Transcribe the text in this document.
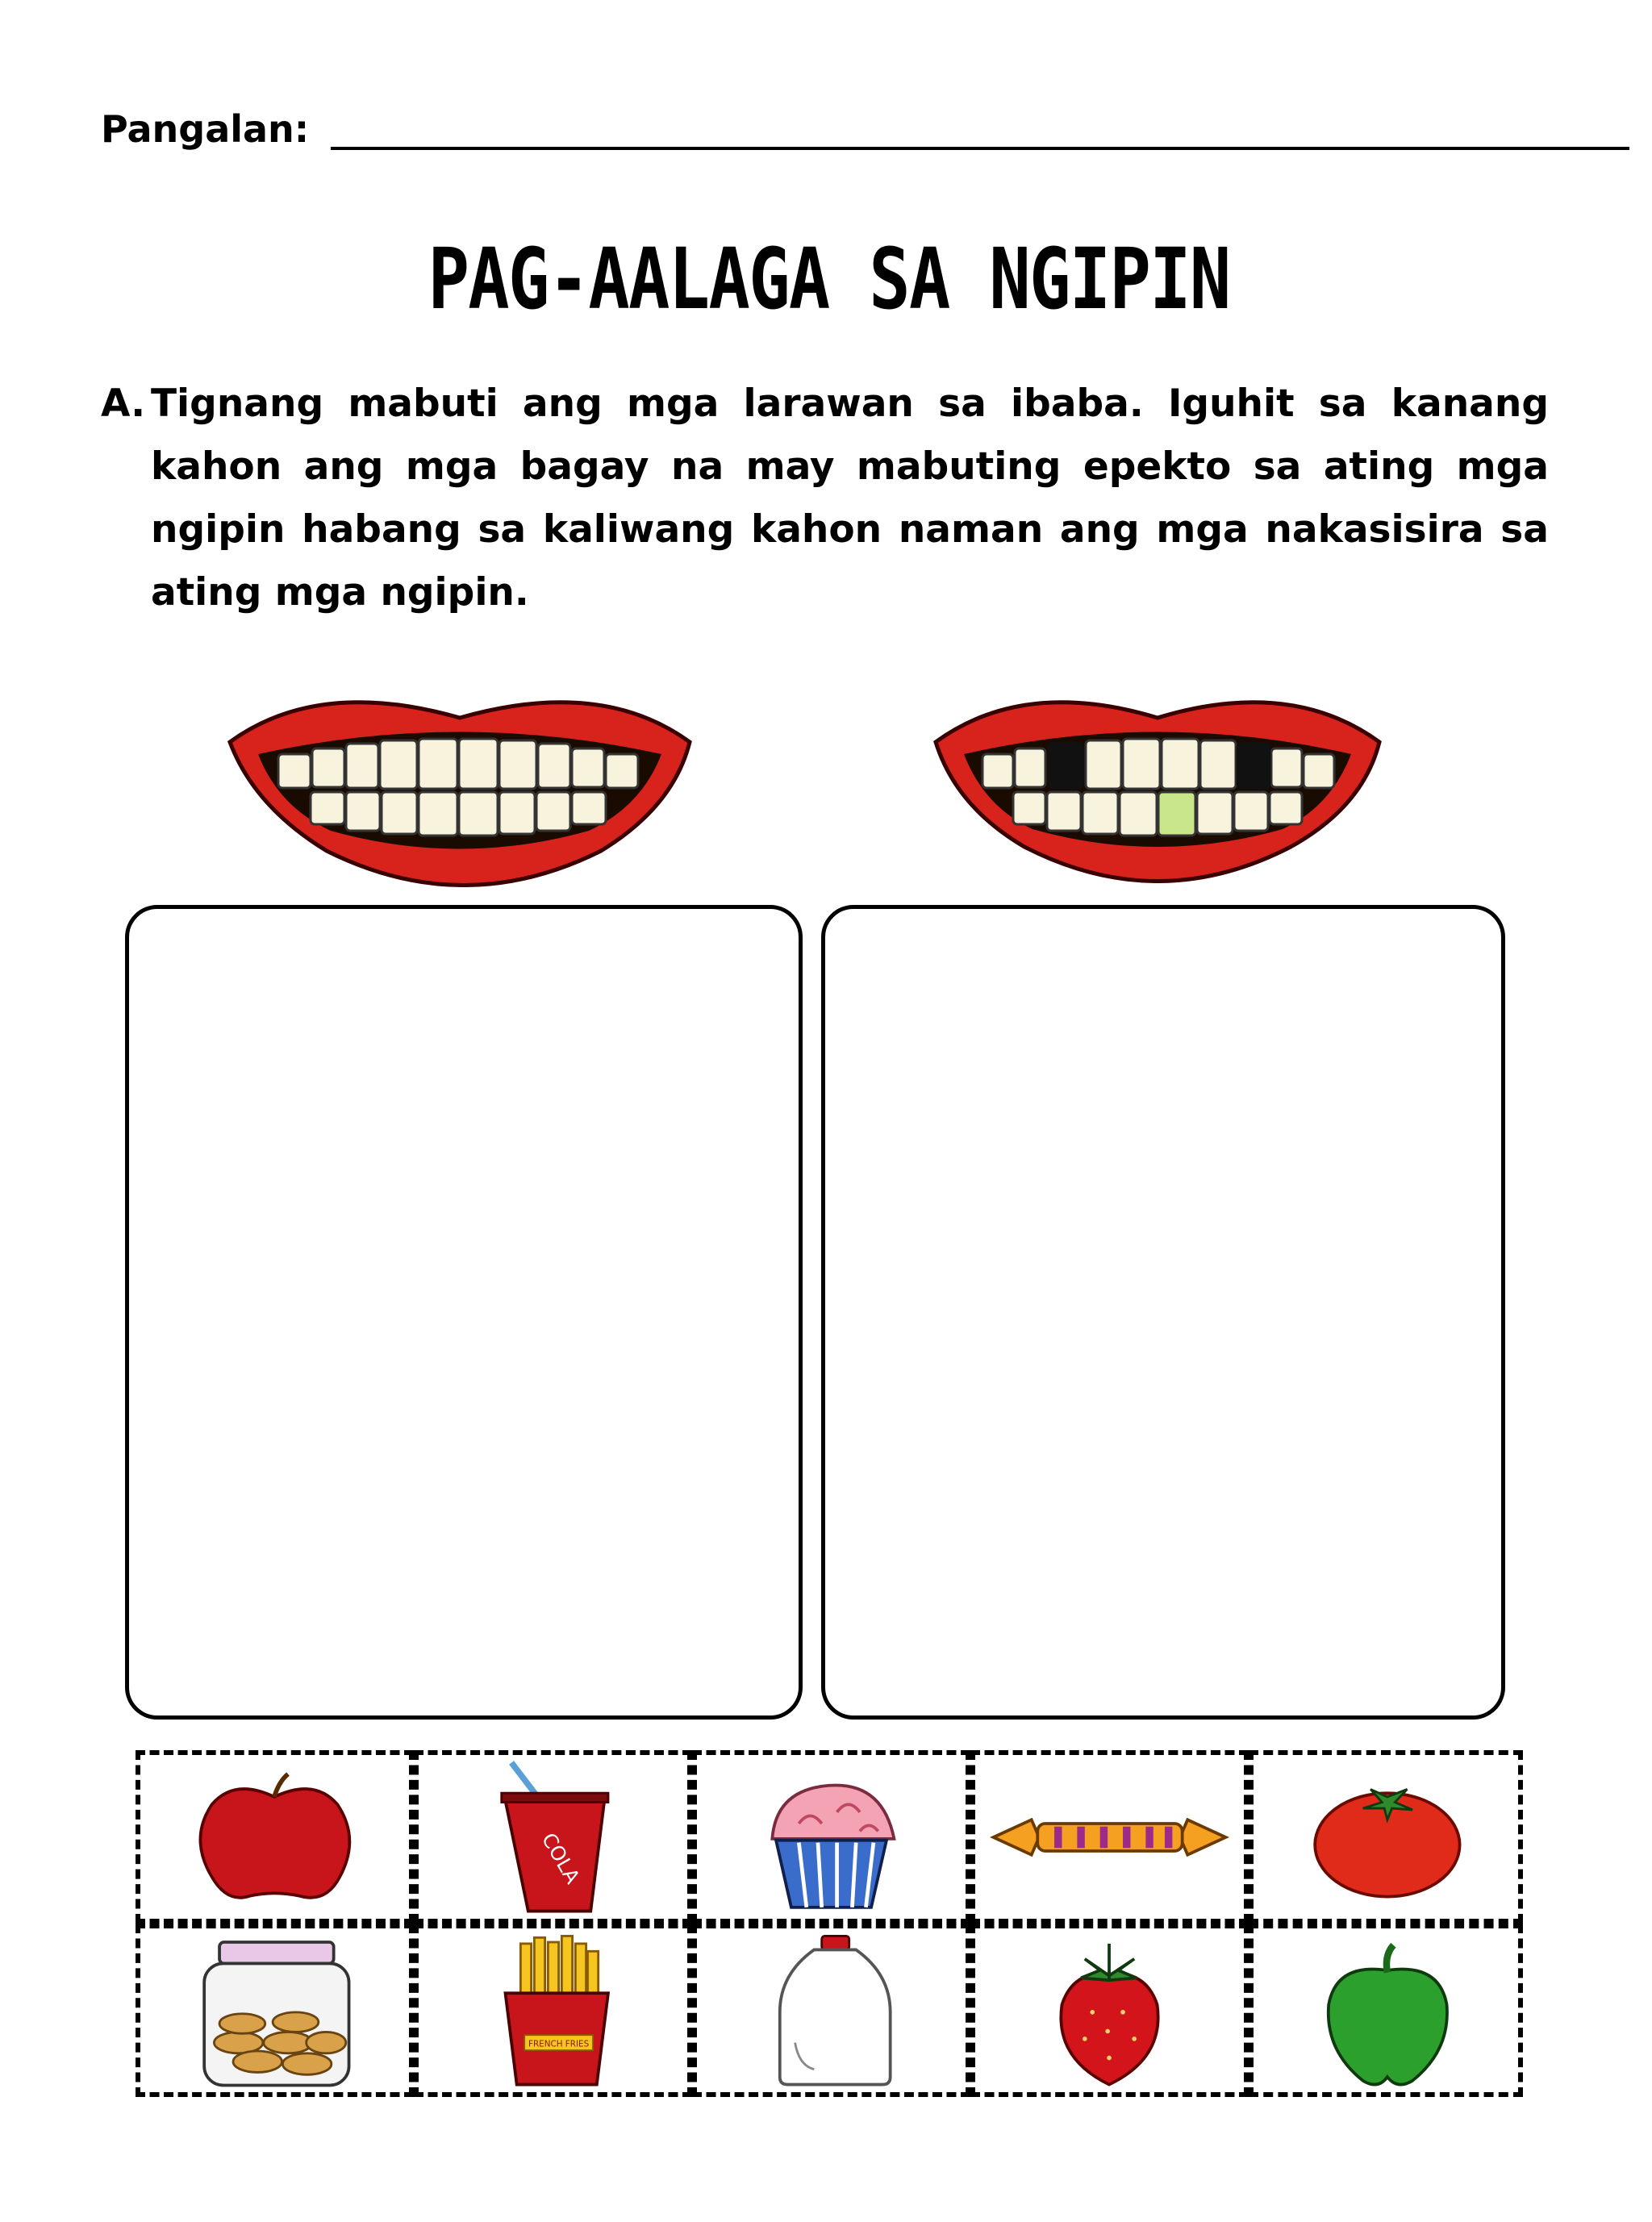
Pangalan:
PAG-AALAGA SA NGIPIN
A. Tignang mabuti ang mga larawan sa ibaba. Iguhit sa kanang kahon ang mga bagay na may mabuting epekto sa ating mga ngipin habang sa kaliwang kahon naman ang mga nakasisira sa ating mga ngipin.
COLA
FRENCH FRIES
